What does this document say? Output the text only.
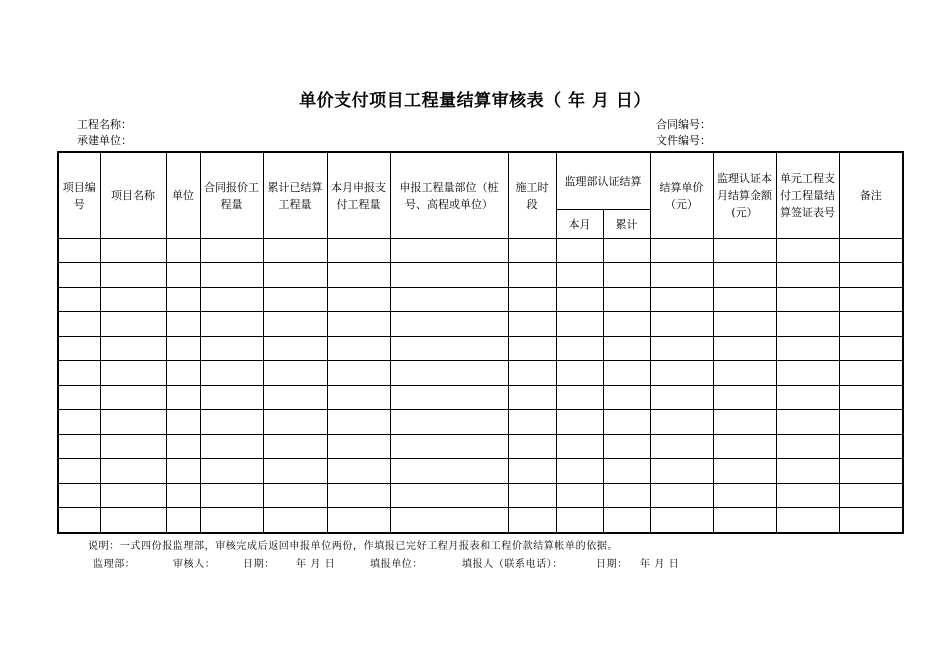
单价支付项目工程量结算审核表（ 年 月 日）
工程名称：
承建单位：
合同编号：
文件编号：
项目编号	项目名称	单位	合同报价工程量	累计已结算工程量	本月申报支付工程量	申报工程量部位（桩号、高程或单位）	施工时段	监理部认证结算		结算单价（元）	监理认证本月结算金额(元）	单元工程支付工程量结算签证表号	备注
								本月	累计				

说明：一式四份报监理部，审核完成后返回申报单位两份，作填报已完好工程月报表和工程价款结算帐单的依据。
监理部：	审核人：	日期： 年 月 日	填报单位：	填报人（联系电话）：	日期： 年 月 日
